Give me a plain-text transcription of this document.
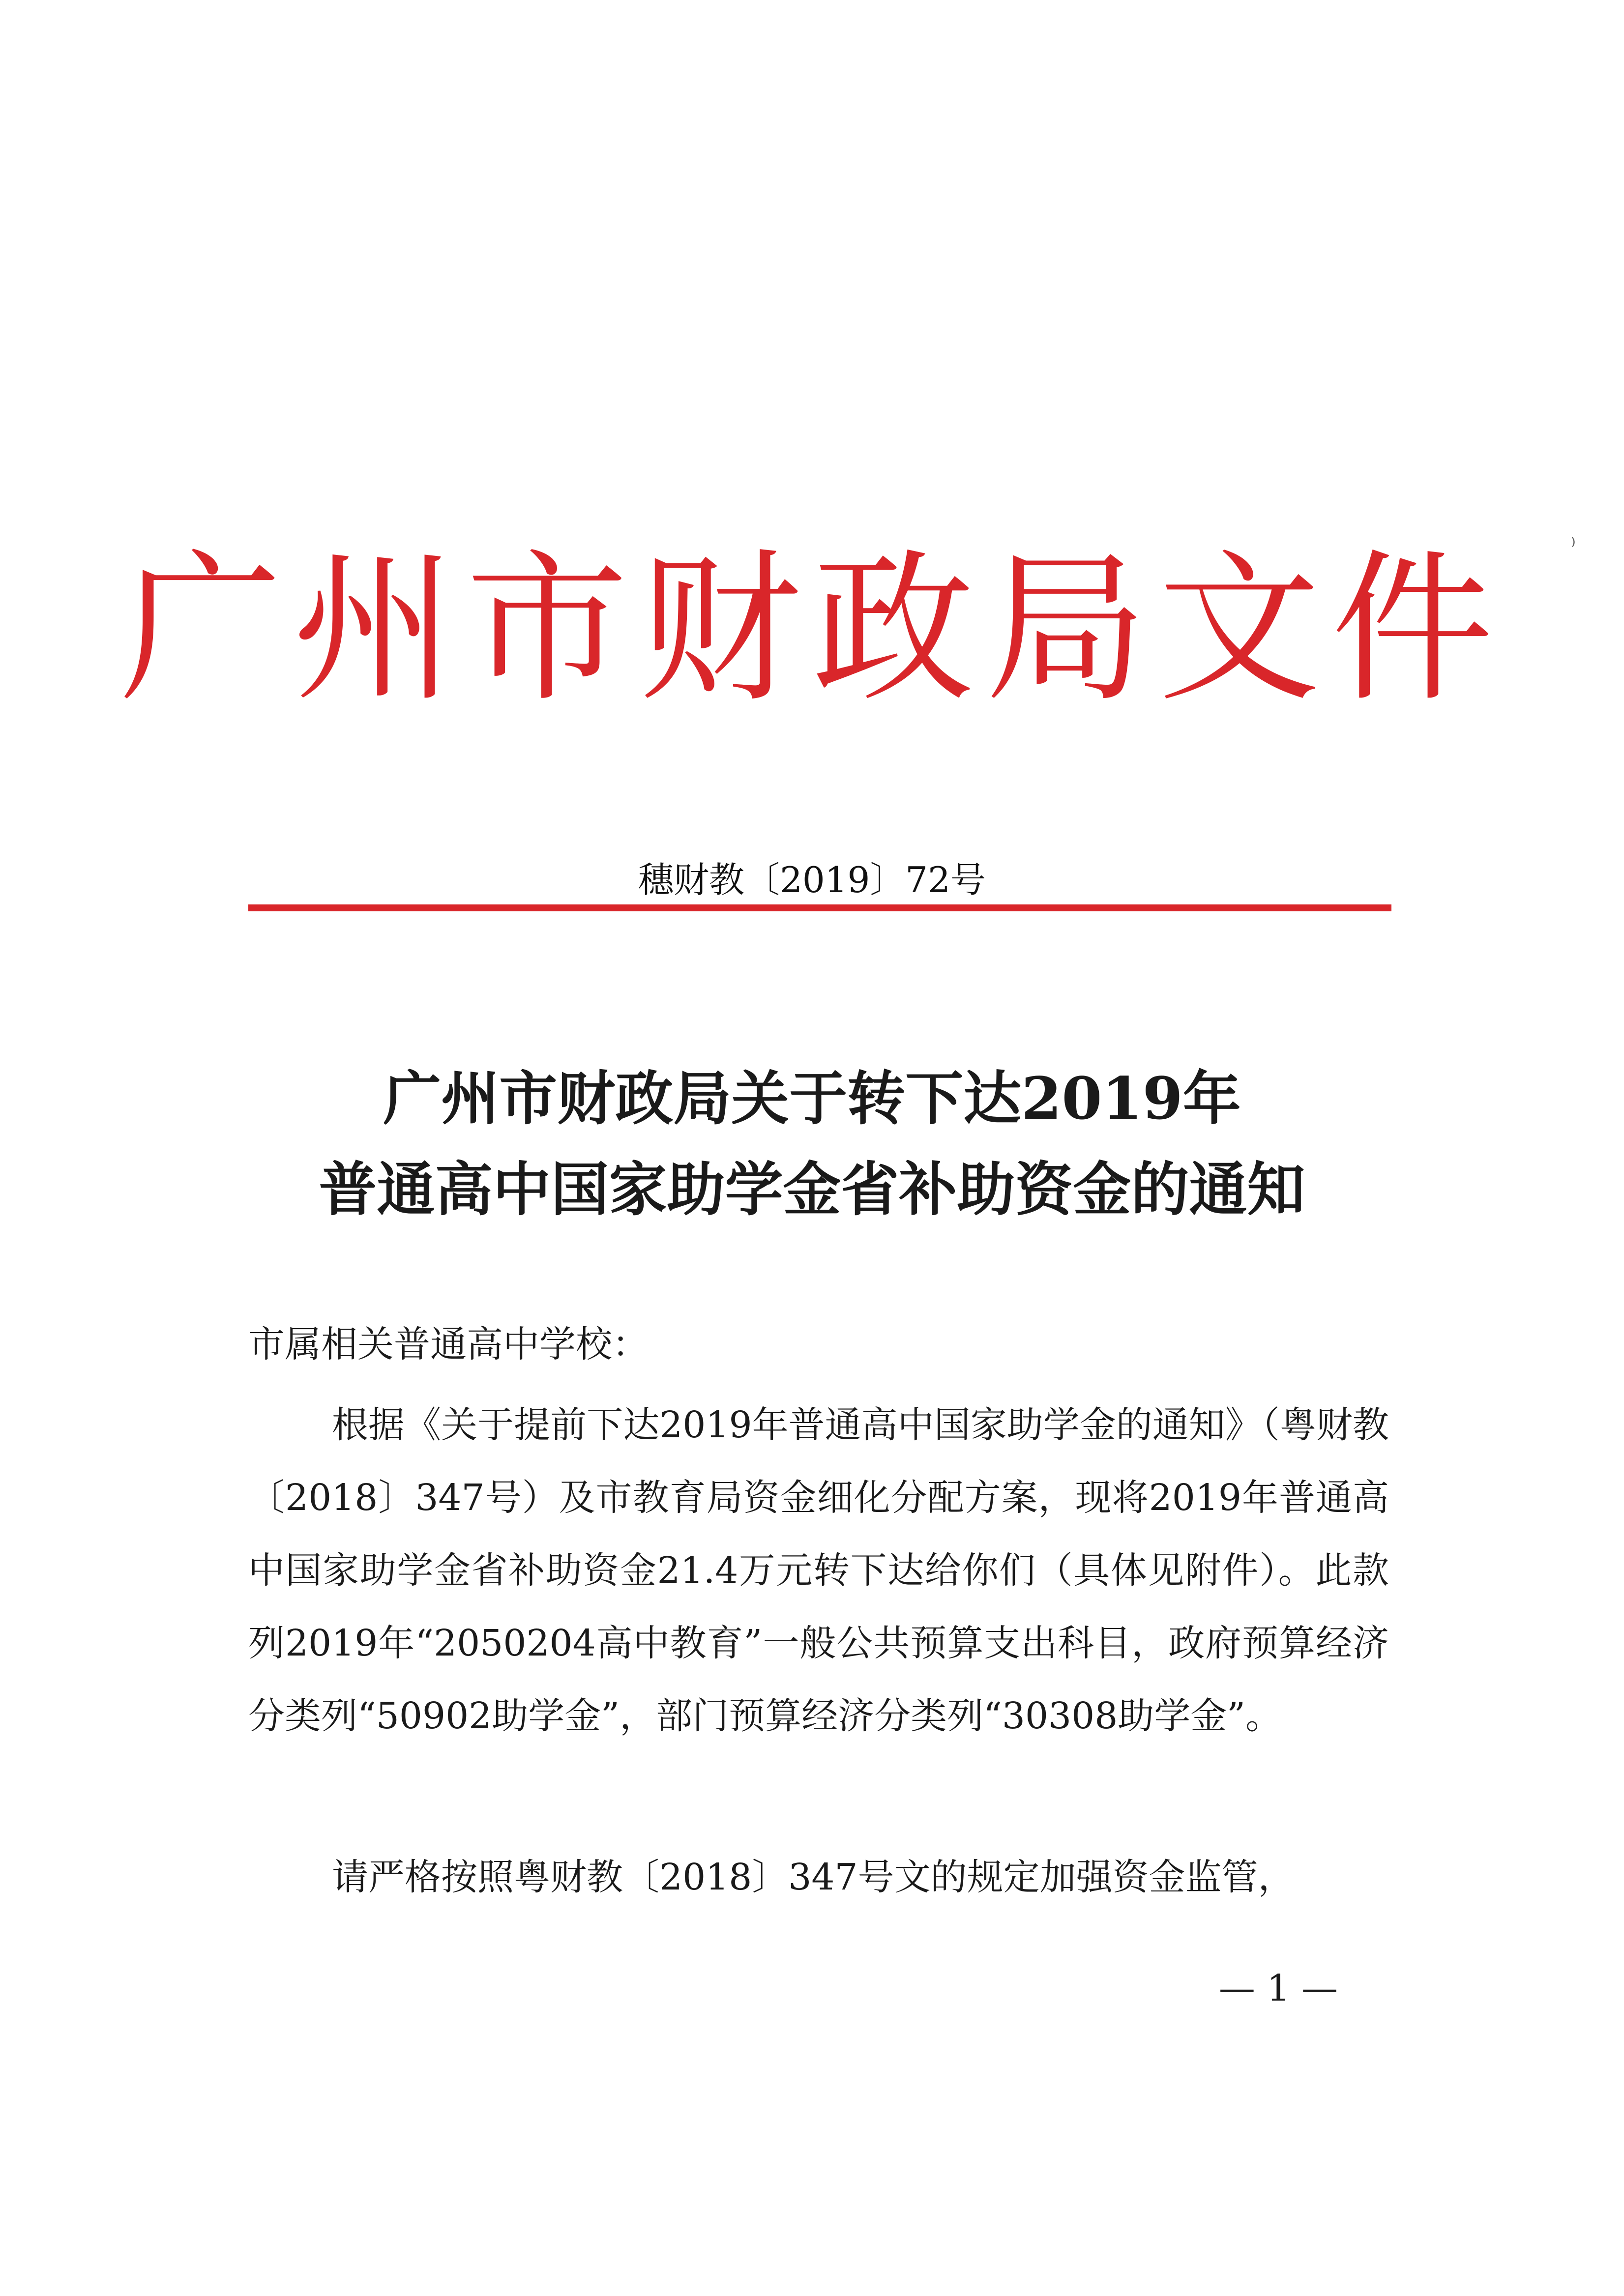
广州市财政局文件
穗财教〔2019〕72号
广州市财政局关于转下达2019年
普通高中国家助学金省补助资金的通知
市属相关普通高中学校：
根据《关于提前下达2019年普通高中国家助学金的通知》（粤财教〔2018〕347号）及市教育局资金细化分配方案，现将2019年普通高中国家助学金省补助资金21.4万元转下达给你们（具体见附件）。此款列2019年“2050204高中教育”一般公共预算支出科目，政府预算经济分类列“50902助学金”，部门预算经济分类列“30308助学金”。
请严格按照粤财教〔2018〕347号文的规定加强资金监管，
— 1 —
⁾
